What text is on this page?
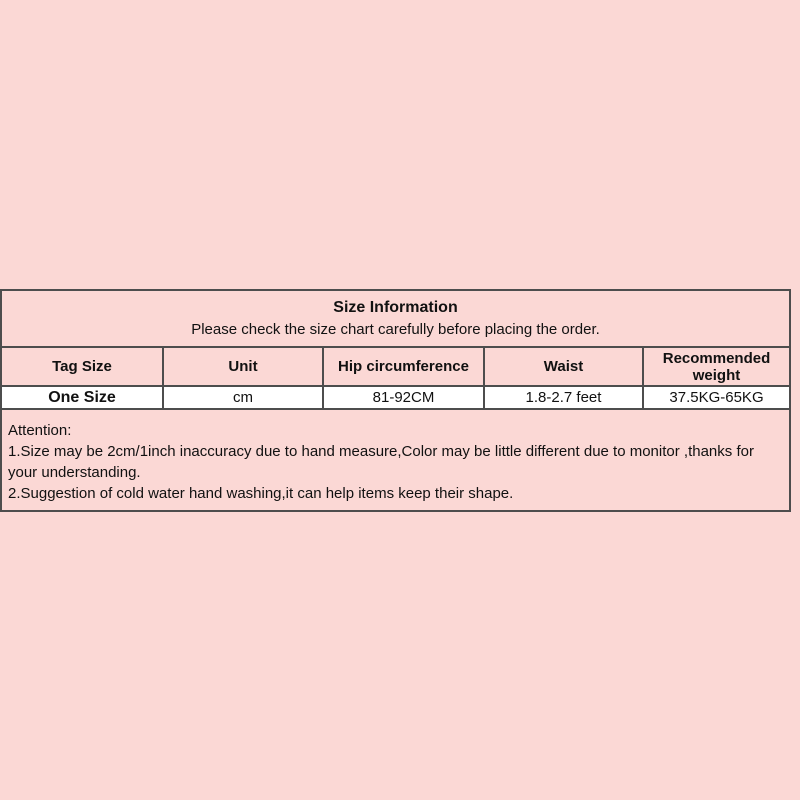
Size Information
Please check the size chart carefully before placing the order.
Tag Size	Unit	Hip circumference	Waist	Recommended weight
One Size	cm	81-92CM	1.8-2.7 feet	37.5KG-65KG
Attention:
1.Size may be 2cm/1inch inaccuracy due to hand measure,Color may be little different due to monitor ,thanks for
your understanding.
2.Suggestion of cold water hand washing,it can help items keep their shape.
